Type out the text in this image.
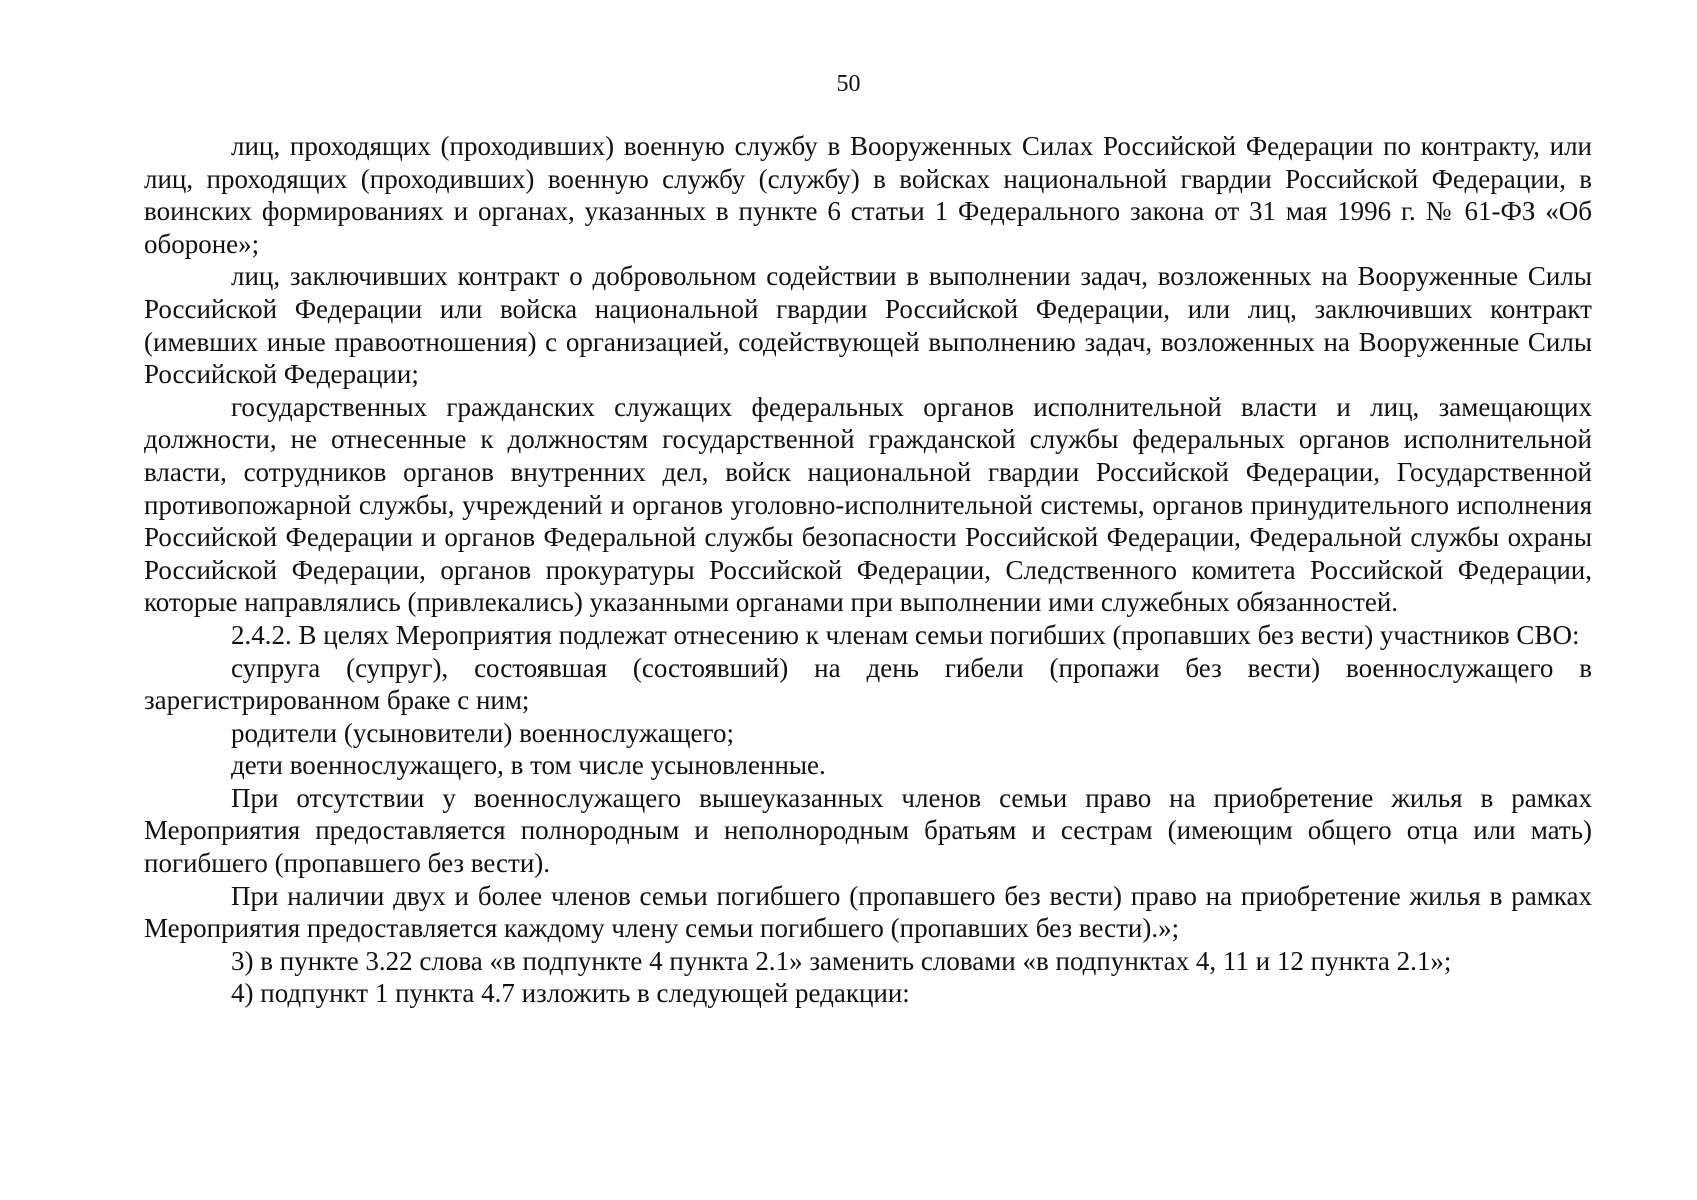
50

лиц, проходящих (проходивших) военную службу в Вооруженных Силах Российской Федерации по контракту, или лиц, проходящих (проходивших) военную службу (службу) в войсках национальной гвардии Российской Федерации, в воинских формированиях и органах, указанных в пункте 6 статьи 1 Федерального закона от 31 мая 1996 г. № 61-ФЗ «Об обороне»;

лиц, заключивших контракт о добровольном содействии в выполнении задач, возложенных на Вооруженные Силы Российской Федерации или войска национальной гвардии Российской Федерации, или лиц, заключивших контракт (имевших иные правоотношения) с организацией, содействующей выполнению задач, возложенных на Вооруженные Силы Российской Федерации;

государственных гражданских служащих федеральных органов исполнительной власти и лиц, замещающих должности, не отнесенные к должностям государственной гражданской службы федеральных органов исполнительной власти, сотрудников органов внутренних дел, войск национальной гвардии Российской Федерации, Государственной противопожарной службы, учреждений и органов уголовно-исполнительной системы, органов принудительного исполнения Российской Федерации и органов Федеральной службы безопасности Российской Федерации, Федеральной службы охраны Российской Федерации, органов прокуратуры Российской Федерации, Следственного комитета Российской Федерации, которые направлялись (привлекались) указанными органами при выполнении ими служебных обязанностей.

2.4.2. В целях Мероприятия подлежат отнесению к членам семьи погибших (пропавших без вести) участников СВО:

супруга (супруг), состоявшая (состоявший) на день гибели (пропажи без вести) военнослужащего в зарегистрированном браке с ним;

родители (усыновители) военнослужащего;

дети военнослужащего, в том числе усыновленные.

При отсутствии у военнослужащего вышеуказанных членов семьи право на приобретение жилья в рамках Мероприятия предоставляется полнородным и неполнородным братьям и сестрам (имеющим общего отца или мать) погибшего (пропавшего без вести).

При наличии двух и более членов семьи погибшего (пропавшего без вести) право на приобретение жилья в рамках Мероприятия предоставляется каждому члену семьи погибшего (пропавших без вести).»;

3) в пункте 3.22 слова «в подпункте 4 пункта 2.1» заменить словами «в подпунктах 4, 11 и 12 пункта 2.1»;

4) подпункт 1 пункта 4.7 изложить в следующей редакции:
